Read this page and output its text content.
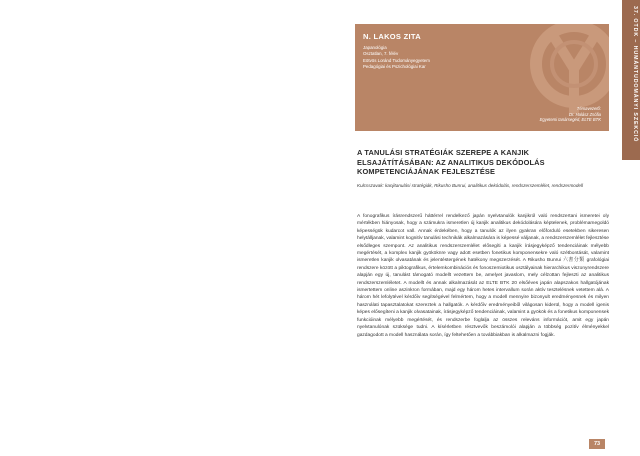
37. OTDK – HUMÁNTUDOMÁNYI SZEKCIÓ
N. LAKOS ZITA
Japanológia
Osztatlan, 7. félév
Eötvös Loránd Tudományegyetem
Pedagógiai és Pszichológiai Kar
Témavezető:
Dr. Halász Zsófia
Egyetemi tanársegéd, ELTE BTK
A TANULÁSI STRATÉGIÁK SZEREPE A KANJIK ELSAJÁTÍTÁSÁBAN: AZ ANALITIKUS DEKÓDOLÁS KOMPETENCIÁJÁNAK FEJLESZTÉSE
Kulcsszavak: kanjitanulási stratégiák, Rikusho Bunrui, analitikus dekódolás, rendszerszemlélet, rendszermodell

A fonografikus írásrendszerű háttérrel rendelkező japán nyelvtanulók kanjikról való rendszertani ismeretei oly mértékben hiányosak, hogy a számukra ismeretlen új kanjik analitikus dekódolására képtelenek, problémamegoldó képességük kudarcot vall. Annak érdekében, hogy a tanulók az ilyen gyakran előforduló esetekben sikeresen helytálljanak, valamint kognitív tanulási technikák alkalmazására is képessé váljanak, a rendszerszemlélet fejlesztése elsődleges szempont. Az analitikus rendszerszemlélet elősegíti a kanjik írásjegyképző tendenciáinak mélyebb megértését, a komplex kanjik gyököknre vagy adott esetben fonetikus komponensekre való szétbontását, valamint ismeretlen kanjik olvasatának és jelentéstergének hatékony megszerzését. A Rikusho Bunrui 六書分類 grafológiai rendszere között a piktografikus, értelemkombinációs és fonoszemiotikus osztályainak hierarchikus viszonyrendszere alapján egy új, tanulást támogató modellt vezettem be, amelyet javaslom, mely célzottan fejleszti az analitikus rendszerszemléletet. A modellt és annak alkalmazását az ELTE BTK 20 elsőéves japán alapszakos hallgatójának ismertettem online aszinkron formában, majd egy három hetes intervallum során aktív tesztelésnek vetettem alá. A három hét lefolytével kérdőív segítségével felmértem, hogy a modell mennyire bizonyult eredményesnek és milyen használati tapasztalatokat szereztek a hallgatók. A kérdőív eredményeiből világosan kiderül, hogy a modell igenis képes elősegíteni a kanjik olvasatainak, írásjegyképző tendenciáinak, valamint a gyökök és a fonetikus komponensek funkcióinak mélyebb megértését, és rendszerbe foglalja az összes releváns információt, amit egy japán nyelvtanulónak szüksége tudni. A kísérletben résztvevők beszámolói alapján a többség pozitív élményekkel gazdagodott a modell használata során, így feltehetően a továbbiakban is alkalmazni fogják.

73
